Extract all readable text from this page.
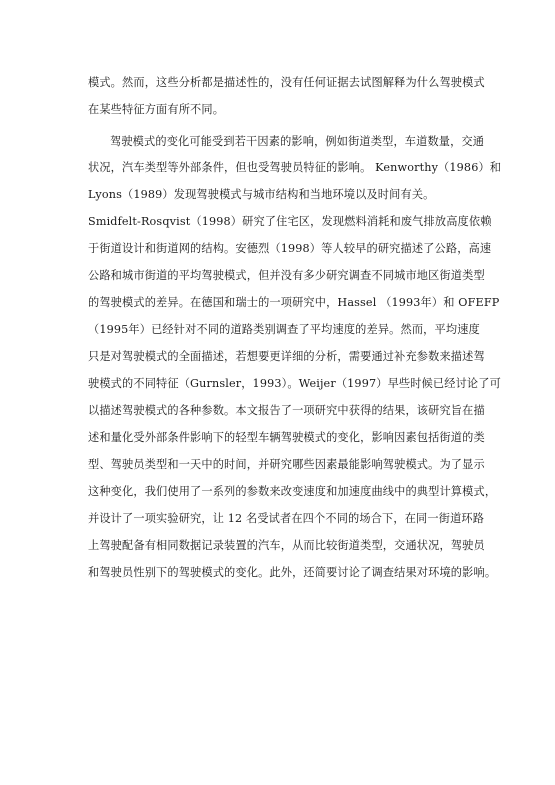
模式。然而，这些分析都是描述性的，没有任何证据去试图解释为什么驾驶模式

在某些特征方面有所不同。

驾驶模式的变化可能受到若干因素的影响，例如街道类型，车道数量，交通

状况，汽车类型等外部条件，但也受驾驶员特征的影响。 Kenworthy（1986）和

Lyons（1989）发现驾驶模式与城市结构和当地环境以及时间有关。

Smidfelt-Rosqvist（1998）研究了住宅区，发现燃料消耗和废气排放高度依赖

于街道设计和街道网的结构。安德烈（1998）等人较早的研究描述了公路，高速

公路和城市街道的平均驾驶模式，但并没有多少研究调查不同城市地区街道类型

的驾驶模式的差异。在德国和瑞士的一项研究中，Hassel （1993年）和 OFEFP

（1995年）已经针对不同的道路类别调查了平均速度的差异。然而，平均速度

只是对驾驶模式的全面描述，若想要更详细的分析，需要通过补充参数来描述驾

驶模式的不同特征（Gurnsler，1993）。Weijer（1997）早些时候已经讨论了可

以描述驾驶模式的各种参数。本文报告了一项研究中获得的结果，该研究旨在描

述和量化受外部条件影响下的轻型车辆驾驶模式的变化，影响因素包括街道的类

型、驾驶员类型和一天中的时间，并研究哪些因素最能影响驾驶模式。为了显示

这种变化，我们使用了一系列的参数来改变速度和加速度曲线中的典型计算模式，

并设计了一项实验研究，让 12 名受试者在四个不同的场合下，在同一街道环路

上驾驶配备有相同数据记录装置的汽车，从而比较街道类型，交通状况，驾驶员

和驾驶员性别下的驾驶模式的变化。此外，还简要讨论了调查结果对环境的影响。
